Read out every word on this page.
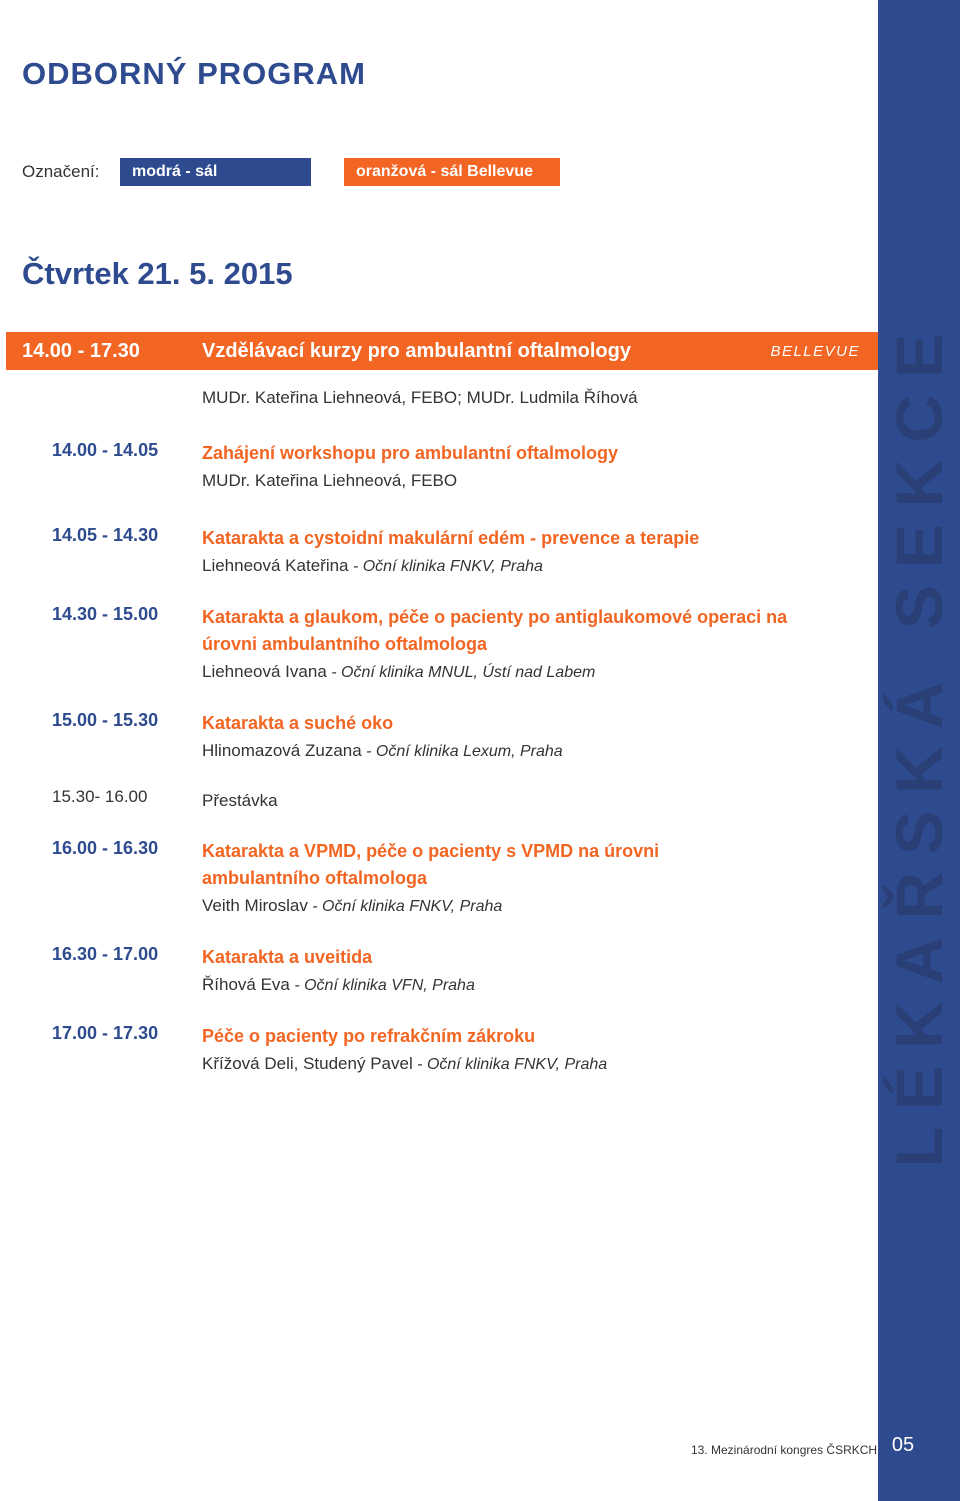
ODBORNÝ PROGRAM
Označení:	modrá - sál Conferenza
oranžová - sál Bellevue
Čtvrtek 21. 5. 2015
14.00 - 17.30	Vzdělávací kurzy pro ambulantní oftalmology	BELLEVUE
MUDr. Kateřina Liehneová, FEBO; MUDr. Ludmila Říhová
14.00 - 14.05 Zahájení workshopu pro ambulantní oftalmology
MUDr. Kateřina Liehneová, FEBO
14.05 - 14.30 Katarakta a cystoidní makulární edém - prevence a terapie
Liehneová Kateřina - Oční klinika FNKV, Praha
14.30 - 15.00 Katarakta a glaukom, péče o pacienty po antiglaukomové operaci na úrovni ambulantního oftalmologa
Liehneová Ivana - Oční klinika MNUL, Ústí nad Labem
15.00 - 15.30 Katarakta a suché oko
Hlinomazová Zuzana - Oční klinika Lexum, Praha
15.30- 16.00	Přestávka
16.00 - 16.30 Katarakta a VPMD, péče o pacienty s VPMD na úrovni ambulantního oftalmologa
Veith Miroslav - Oční klinika FNKV, Praha
16.30 - 17.00 Katarakta a uveitida
Říhová Eva - Oční klinika VFN, Praha
17.00 - 17.30 Péče o pacienty po refrakčním zákroku
Křížová Deli, Studený Pavel - Oční klinika FNKV, Praha	LÉKAŘSKÁ SEKCE
05
13. Mezinárodní kongres ČSRKCH
